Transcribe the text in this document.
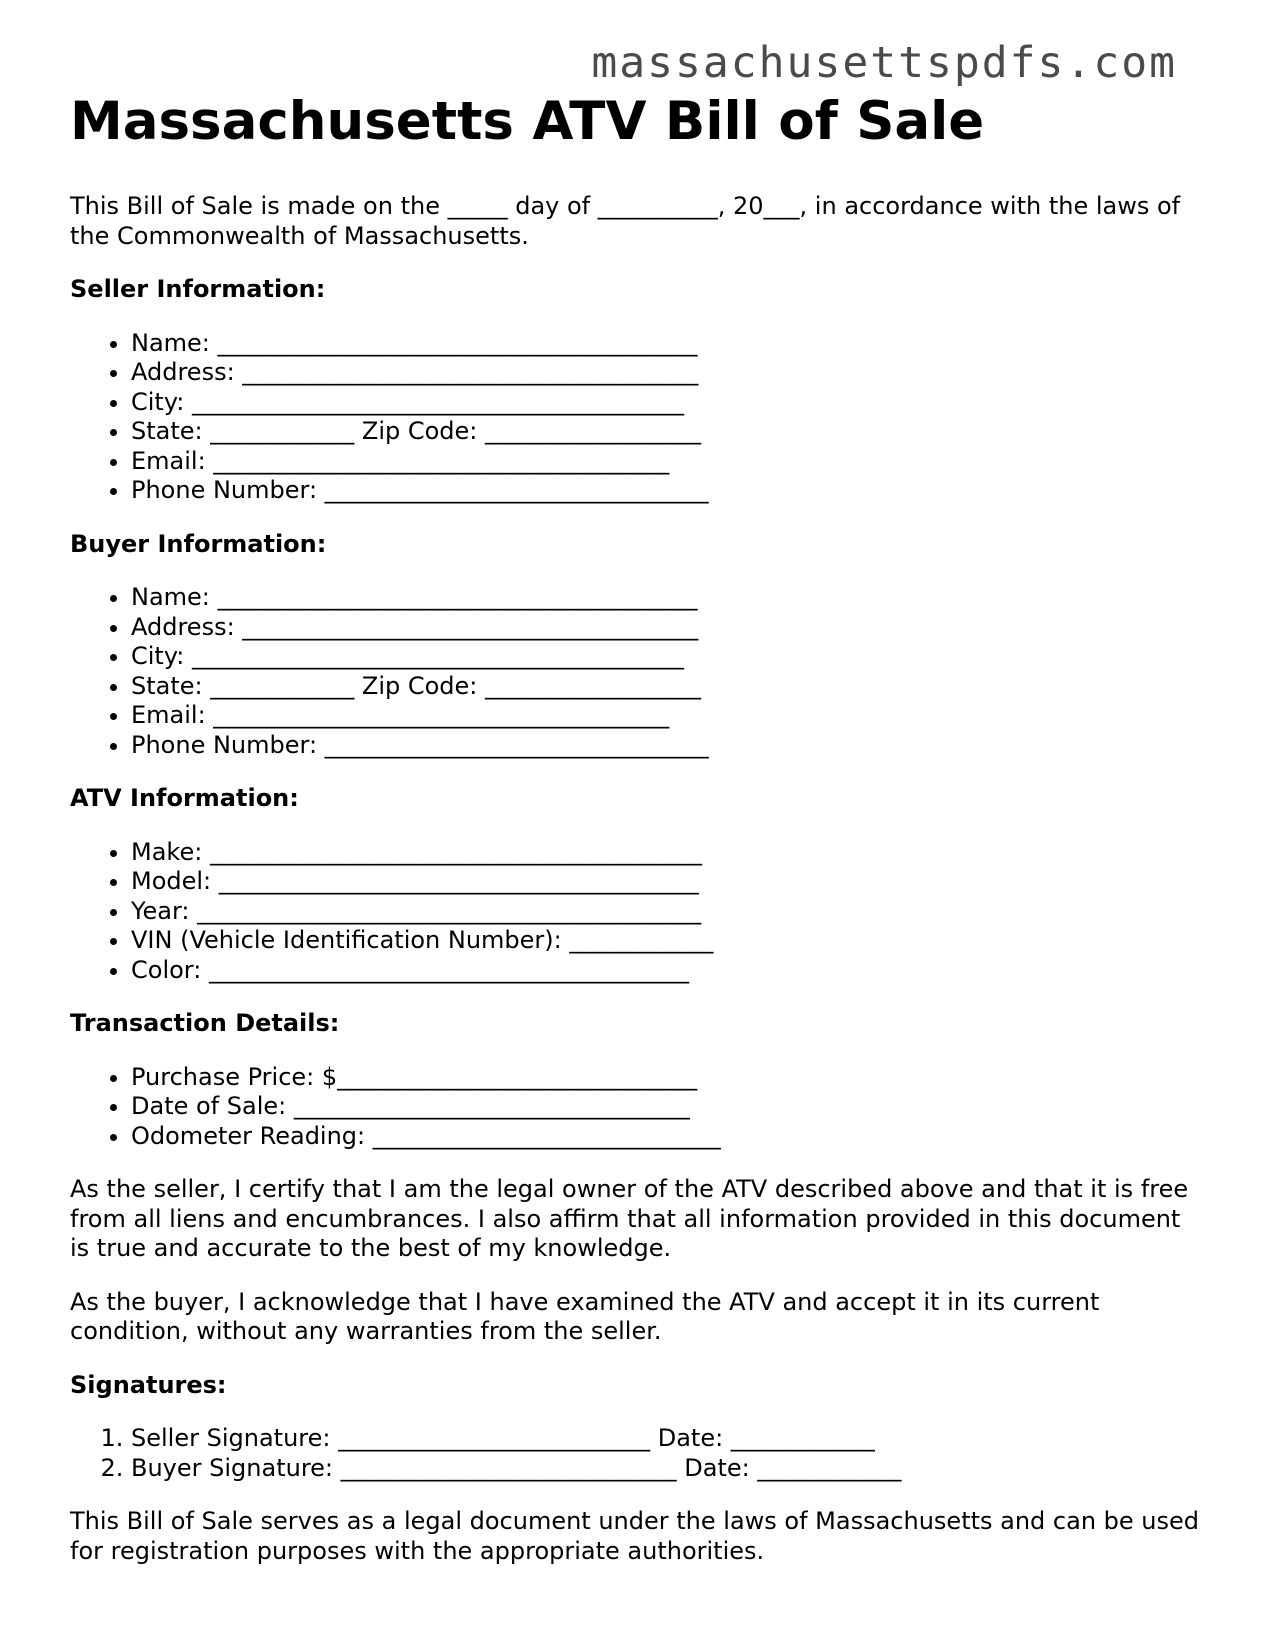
massachusettspdfs.com
Massachusetts ATV Bill of Sale

This Bill of Sale is made on the _____ day of __________, 20___, in accordance with the laws of the Commonwealth of Massachusetts.

Seller Information:
• Name: ________________________________________
• Address: ______________________________________
• City: _________________________________________
• State: ____________ Zip Code: __________________
• Email: ______________________________________
• Phone Number: ________________________________
Buyer Information:
• Name: ________________________________________
• Address: ______________________________________
• City: _________________________________________
• State: ____________ Zip Code: __________________
• Email: ______________________________________
• Phone Number: ________________________________
ATV Information:
• Make: _________________________________________
• Model: ________________________________________
• Year: __________________________________________
• VIN (Vehicle Identification Number): ____________
• Color: ________________________________________
Transaction Details:
• Purchase Price: $______________________________
• Date of Sale: _________________________________
• Odometer Reading: _____________________________

As the seller, I certify that I am the legal owner of the ATV described above and that it is free from all liens and encumbrances. I also affirm that all information provided in this document is true and accurate to the best of my knowledge.

As the buyer, I acknowledge that I have examined the ATV and accept it in its current condition, without any warranties from the seller.

Signatures:
1. Seller Signature: __________________________ Date: ____________
2. Buyer Signature: ____________________________ Date: ____________

This Bill of Sale serves as a legal document under the laws of Massachusetts and can be used for registration purposes with the appropriate authorities.
